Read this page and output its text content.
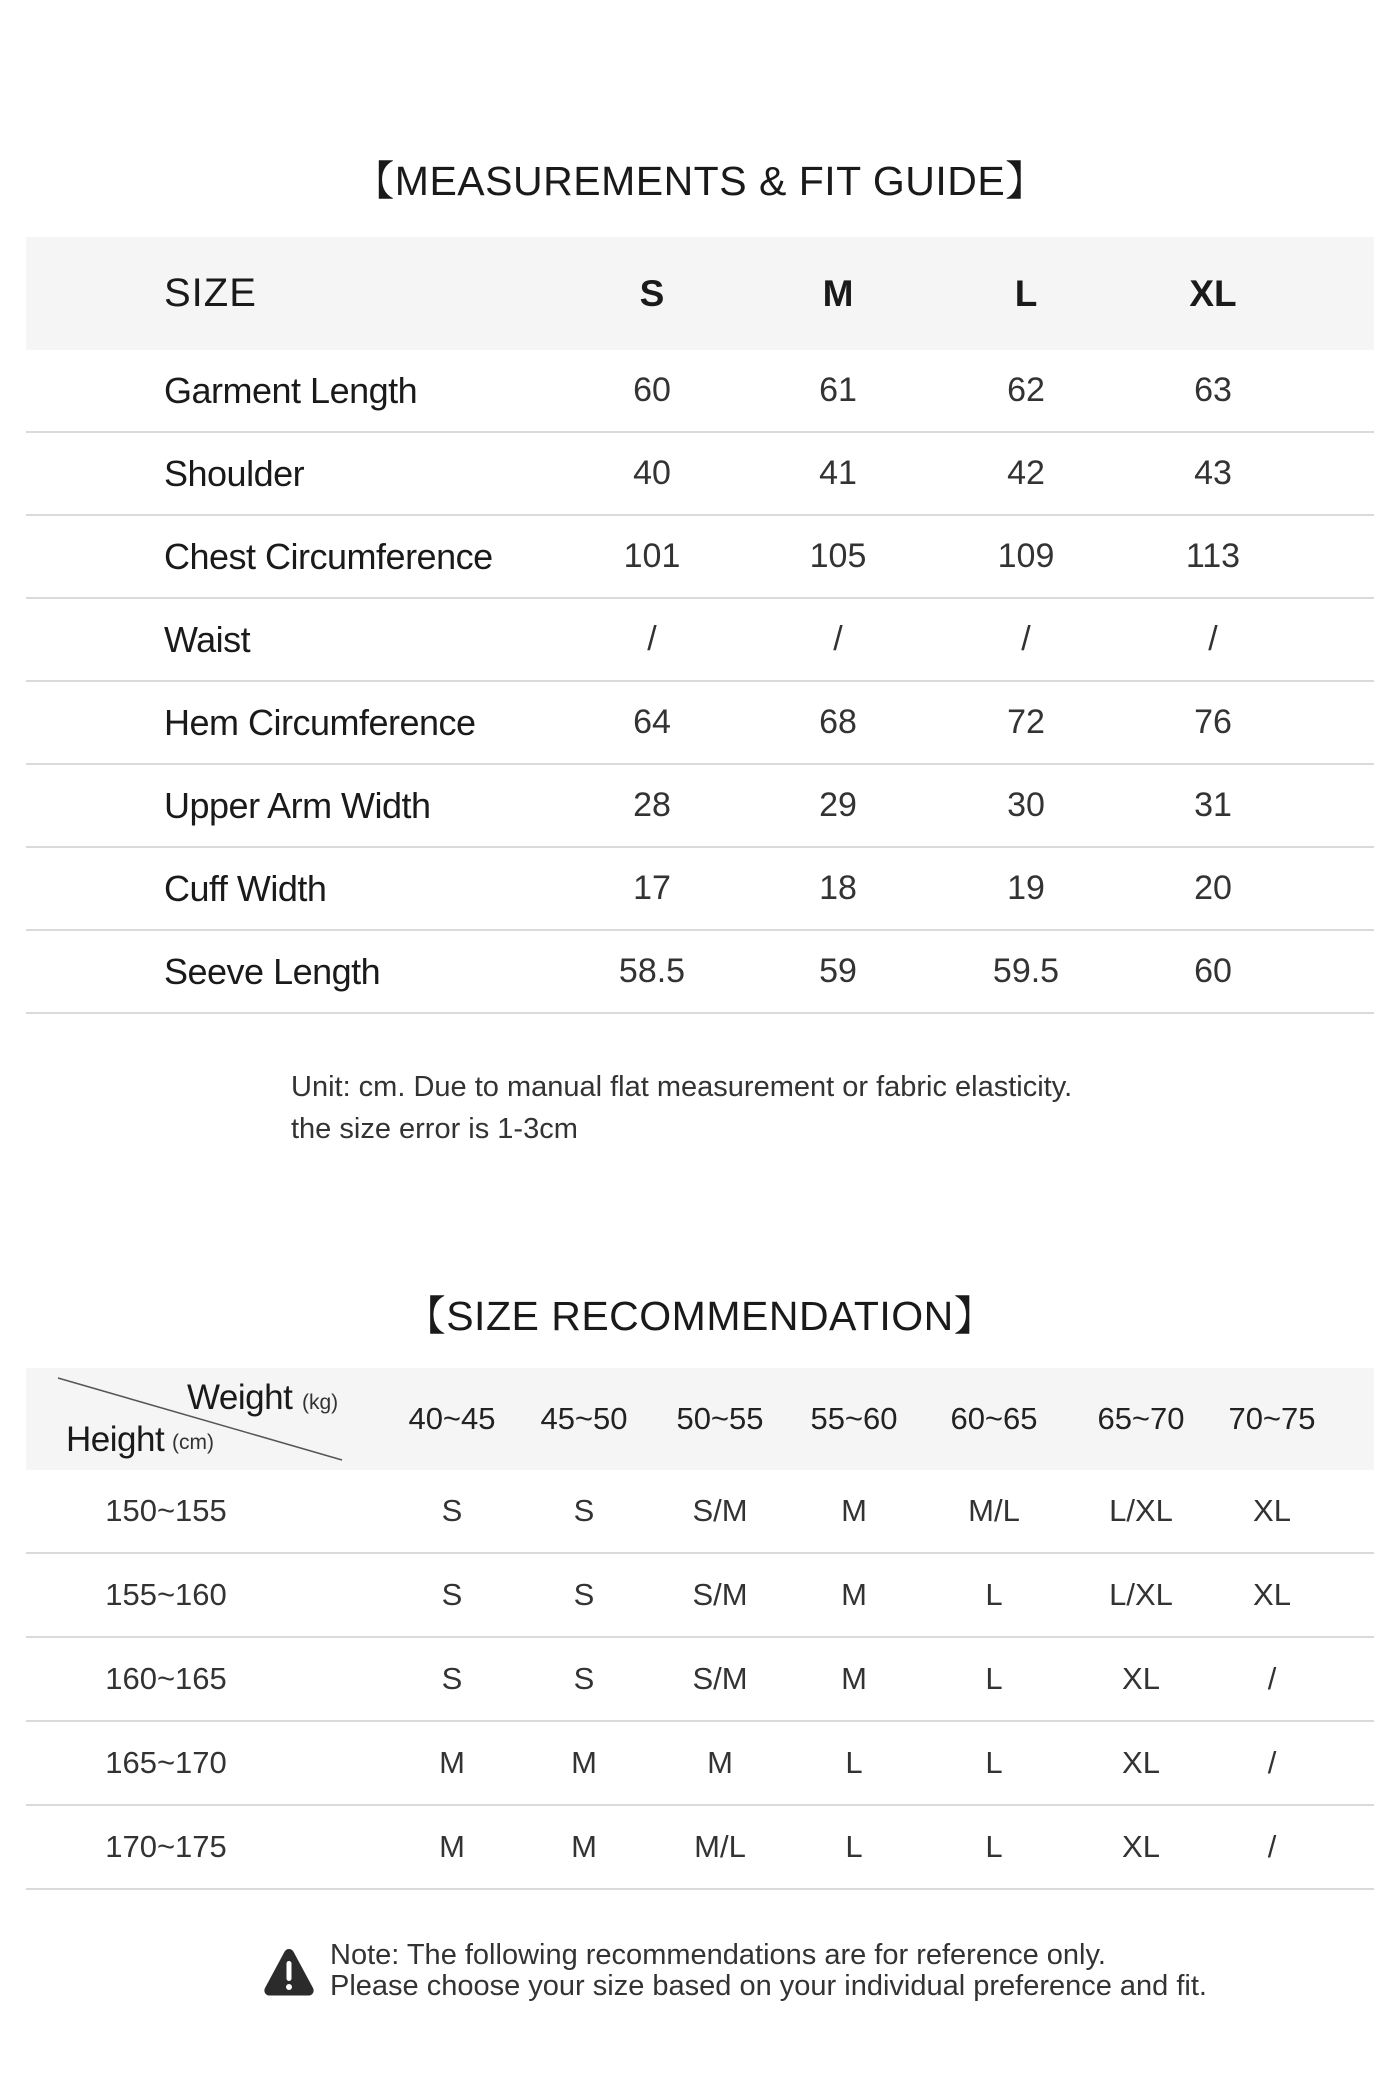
【MEASUREMENTS & FIT GUIDE】
SIZE	S	M	L	XL
Garment Length	60	61	62	63
Shoulder	40	41	42	43
Chest Circumference	101	105	109	113
Waist	/	/	/	/
Hem Circumference	64	68	72	76
Upper Arm Width	28	29	30	31
Cuff Width	17	18	19	20
Seeve Length	58.5	59	59.5	60
Unit: cm. Due to manual flat measurement or fabric elasticity.
the size error is 1-3cm
【SIZE RECOMMENDATION】
Weight (kg)
Height (cm)
40~45	45~50	50~55	55~60	60~65	65~70	70~75
150~155	S	S	S/M	M	M/L	L/XL	XL
155~160	S	S	S/M	M	L	L/XL	XL
160~165	S	S	S/M	M	L	XL	/
165~170	M	M	M	L	L	XL	/
170~175	M	M	M/L	L	L	XL	/
Note: The following recommendations are for reference only.
Please choose your size based on your individual preference and fit.
